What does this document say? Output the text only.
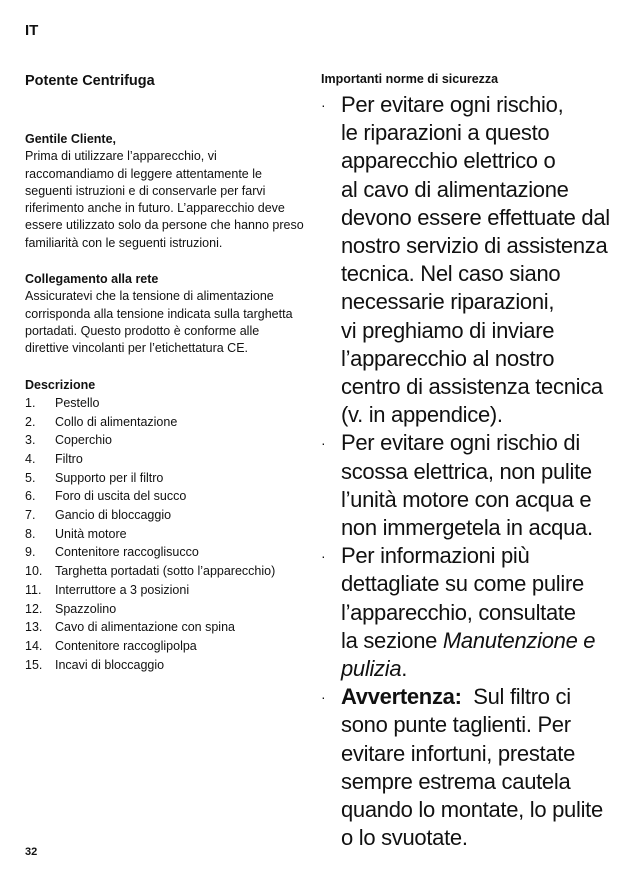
IT
Potente Centrifuga
Gentile Cliente,
Prima di utilizzare l’apparecchio, vi raccomandiamo di leggere attentamente le seguenti istruzioni e di conservarle per farvi riferimento anche in futuro. L’apparecchio deve essere utilizzato solo da persone che hanno preso familiarità con le seguenti istruzioni.
Collegamento alla rete
Assicuratevi che la tensione di alimentazione corrisponda alla tensione indicata sulla targhetta portadati. Questo prodotto è conforme alle direttive vincolanti per l’etichettatura CE.
Descrizione
1.	Pestello
2.	Collo di alimentazione
3.	Coperchio
4.	Filtro
5.	Supporto per il filtro
6.	Foro di uscita del succo
7.	Gancio di bloccaggio
8.	Unità motore
9.	Contenitore raccoglisucco
10.	Targhetta portadati (sotto l’apparecchio)
11.	Interruttore a 3 posizioni
12.	Spazzolino
13.	Cavo di alimentazione con spina
14.	Contenitore raccoglipolpa
15.	Incavi di bloccaggio
Importanti norme di sicurezza
· Per evitare ogni rischio,
le riparazioni a questo
apparecchio elettrico o
al cavo di alimentazione
devono essere effettuate dal
nostro servizio di assistenza
tecnica. Nel caso siano
necessarie riparazioni,
vi preghiamo di inviare
l’apparecchio al nostro
centro di assistenza tecnica
(v. in appendice).
· Per evitare ogni rischio di
scossa elettrica, non pulite
l’unità motore con acqua e
non immergetela in acqua.
· Per informazioni più
dettagliate su come pulire
l’apparecchio, consultate
la sezione Manutenzione e
pulizia.
· Avvertenza: Sul filtro ci
sono punte taglienti. Per
evitare infortuni, prestate
sempre estrema cautela
quando lo montate, lo pulite
o lo svuotate.
32
